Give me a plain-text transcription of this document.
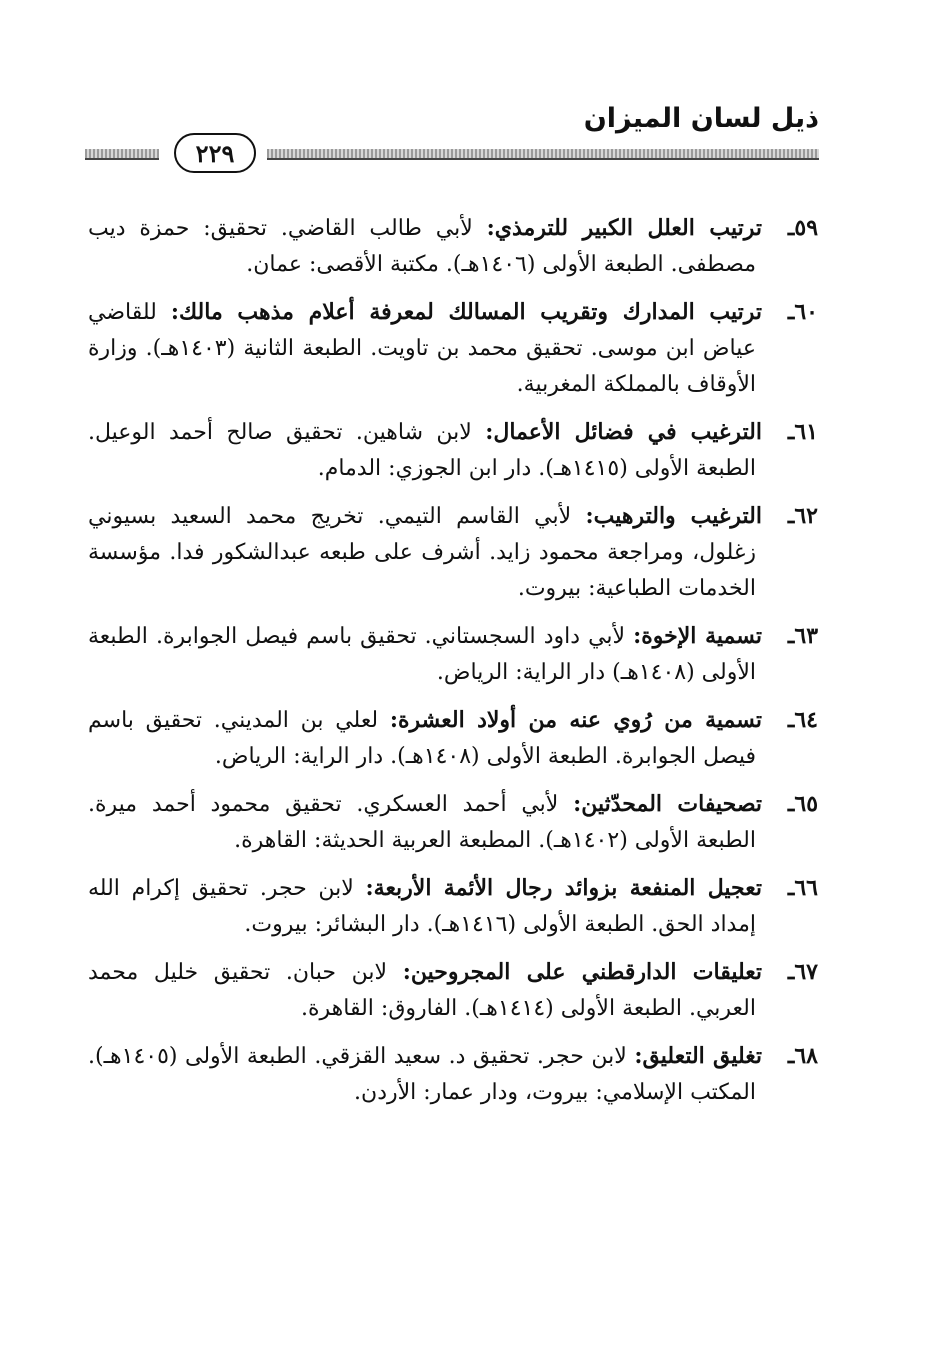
ذيل لسان الميزان
٢٢٩

٥٩ـترتيب العلل الكبير للترمذي: لأبي طالب القاضي. تحقيق: حمزة ديب مصطفى. الطبعة الأولى (١٤٠٦هـ). مكتبة الأقصى: عمان.

٦٠ـترتيب المدارك وتقريب المسالك لمعرفة أعلام مذهب مالك: للقاضي عياض ابن موسى. تحقيق محمد بن تاويت. الطبعة الثانية (١٤٠٣هـ). وزارة الأوقاف بالمملكة المغربية.

٦١ـالترغيب في فضائل الأعمال: لابن شاهين. تحقيق صالح أحمد الوعيل. الطبعة الأولى (١٤١٥هـ). دار ابن الجوزي: الدمام.

٦٢ـالترغيب والترهيب: لأبي القاسم التيمي. تخريج محمد السعيد بسيوني زغلول، ومراجعة محمود زايد. أشرف على طبعه عبدالشكور فدا. مؤسسة الخدمات الطباعية: بيروت.

٦٣ـتسمية الإخوة: لأبي داود السجستاني. تحقيق باسم فيصل الجوابرة. الطبعة الأولى (١٤٠٨هـ) دار الراية: الرياض.

٦٤ـتسمية من رُوي عنه من أولاد العشرة: لعلي بن المديني. تحقيق باسم فيصل الجوابرة. الطبعة الأولى (١٤٠٨هـ). دار الراية: الرياض.

٦٥ـتصحيفات المحدّثين: لأبي أحمد العسكري. تحقيق محمود أحمد ميرة. الطبعة الأولى (١٤٠٢هـ). المطبعة العربية الحديثة: القاهرة.

٦٦ـتعجيل المنفعة بزوائد رجال الأئمة الأربعة: لابن حجر. تحقيق إكرام الله إمداد الحق. الطبعة الأولى (١٤١٦هـ). دار البشائر: بيروت.

٦٧ـتعليقات الدارقطني على المجروحين: لابن حبان. تحقيق خليل محمد العربي. الطبعة الأولى (١٤١٤هـ). الفاروق: القاهرة.

٦٨ـتغليق التعليق: لابن حجر. تحقيق د. سعيد القزقي. الطبعة الأولى (١٤٠٥هـ). المكتب الإسلامي: بيروت، ودار عمار: الأردن.
